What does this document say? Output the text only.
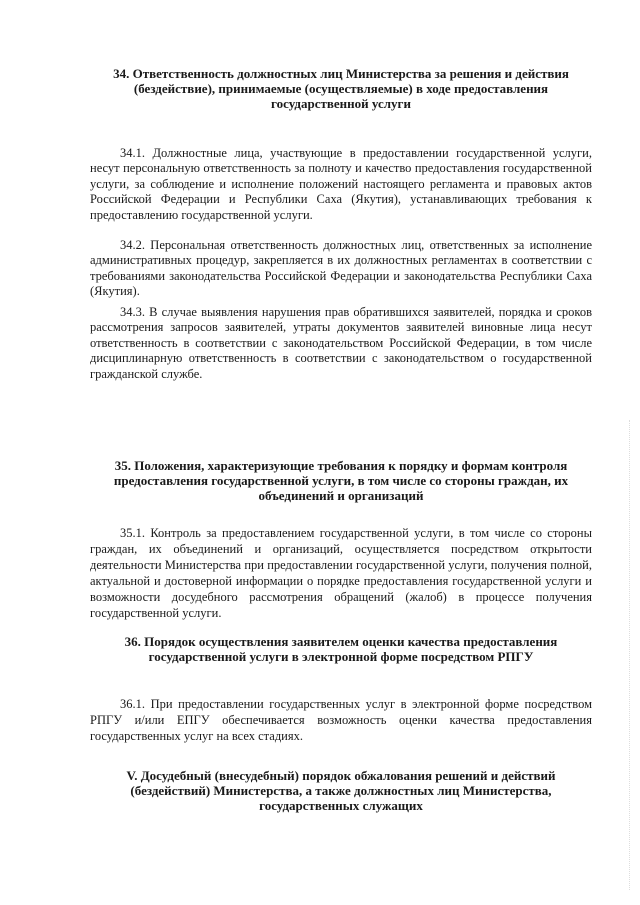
34. Ответственность должностных лиц Министерства за решения и действия (бездействие), принимаемые (осуществляемые) в ходе предоставления государственной услуги

34.1. Должностные лица, участвующие в предоставлении государственной услуги, несут персональную ответственность за полноту и качество предоставления государственной услуги, за соблюдение и исполнение положений настоящего регламента и правовых актов Российской Федерации и Республики Саха (Якутия), устанавливающих требования к предоставлению государственной услуги.

34.2. Персональная ответственность должностных лиц, ответственных за исполнение административных процедур, закрепляется в их должностных регламентах в соответствии с требованиями законодательства Российской Федерации и законодательства Республики Саха (Якутия).

34.3. В случае выявления нарушения прав обратившихся заявителей, порядка и сроков рассмотрения запросов заявителей, утраты документов заявителей виновные лица несут ответственность в соответствии с законодательством Российской Федерации, в том числе дисциплинарную ответственность в соответствии с законодательством о государственной гражданской службе.

35. Положения, характеризующие требования к порядку и формам контроля предоставления государственной услуги, в том числе со стороны граждан, их объединений и организаций

35.1. Контроль за предоставлением государственной услуги, в том числе со стороны граждан, их объединений и организаций, осуществляется посредством открытости деятельности Министерства при предоставлении государственной услуги, получения полной, актуальной и достоверной информации о порядке предоставления государственной услуги и возможности досудебного рассмотрения обращений (жалоб) в процессе получения государственной услуги.

36. Порядок осуществления заявителем оценки качества предоставления государственной услуги в электронной форме посредством РПГУ

36.1. При предоставлении государственных услуг в электронной форме посредством РПГУ и/или ЕПГУ обеспечивается возможность оценки качества предоставления государственных услуг на всех стадиях.

V. Досудебный (внесудебный) порядок обжалования решений и действий (бездействий) Министерства, а также должностных лиц Министерства, государственных служащих
